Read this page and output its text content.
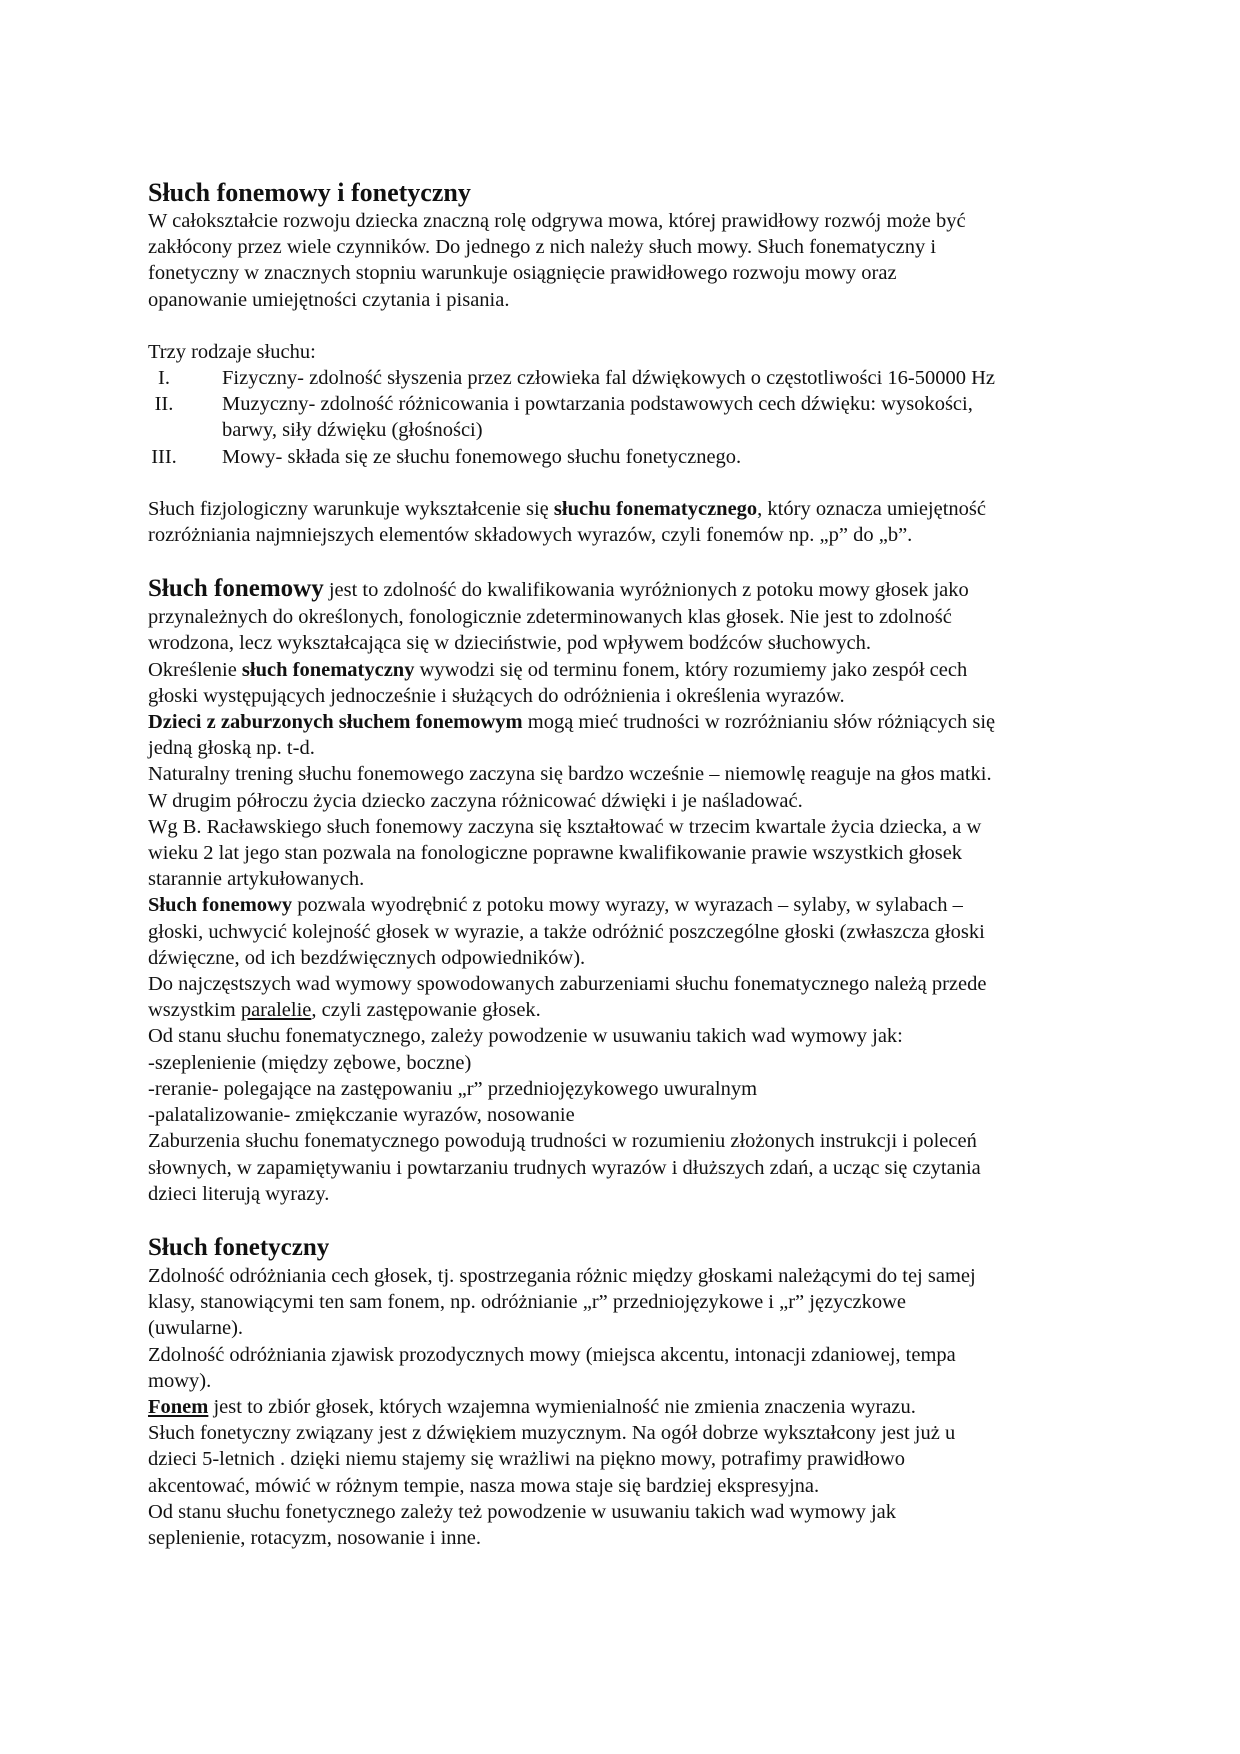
Słuch fonemowy i fonetyczny

W całokształcie rozwoju dziecka znaczną rolę odgrywa mowa, której prawidłowy rozwój może być

zakłócony przez wiele czynników. Do jednego z nich należy słuch mowy. Słuch fonematyczny i

fonetyczny w znacznych stopniu warunkuje osiągnięcie prawidłowego rozwoju mowy oraz

opanowanie umiejętności czytania i pisania.

Trzy rodzaje słuchu:

I.	Fizyczny- zdolność słyszenia przez człowieka fal dźwiękowych o częstotliwości 16-50000 Hz

II.	Muzyczny- zdolność różnicowania i powtarzania podstawowych cech dźwięku: wysokości,

barwy, siły dźwięku (głośności)

III.	Mowy- składa się ze słuchu fonemowego słuchu fonetycznego.

Słuch fizjologiczny warunkuje wykształcenie się słuchu fonematycznego, który oznacza umiejętność

rozróżniania najmniejszych elementów składowych wyrazów, czyli fonemów np. „p” do „b”.

Słuch fonemowy jest to zdolność do kwalifikowania wyróżnionych z potoku mowy głosek jako

przynależnych do określonych, fonologicznie zdeterminowanych klas głosek. Nie jest to zdolność

wrodzona, lecz wykształcająca się w dzieciństwie, pod wpływem bodźców słuchowych.

Określenie słuch fonematyczny wywodzi się od terminu fonem, który rozumiemy jako zespół cech

głoski występujących jednocześnie i służących do odróżnienia i określenia wyrazów.

Dzieci z zaburzonych słuchem fonemowym mogą mieć trudności w rozróżnianiu słów różniących się

jedną głoską np. t-d.

Naturalny trening słuchu fonemowego zaczyna się bardzo wcześnie – niemowlę reaguje na głos matki.

W drugim półroczu życia dziecko zaczyna różnicować dźwięki i je naśladować.

Wg B. Racławskiego słuch fonemowy zaczyna się kształtować w trzecim kwartale życia dziecka, a w

wieku 2 lat jego stan pozwala na fonologiczne poprawne kwalifikowanie prawie wszystkich głosek

starannie artykułowanych.

Słuch fonemowy pozwala wyodrębnić z potoku mowy wyrazy, w wyrazach – sylaby, w sylabach –

głoski, uchwycić kolejność głosek w wyrazie, a także odróżnić poszczególne głoski (zwłaszcza głoski

dźwięczne, od ich bezdźwięcznych odpowiedników).

Do najczęstszych wad wymowy spowodowanych zaburzeniami słuchu fonematycznego należą przede

wszystkim paralelie, czyli zastępowanie głosek.

Od stanu słuchu fonematycznego, zależy powodzenie w usuwaniu takich wad wymowy jak:

-szeplenienie (między zębowe, boczne)

-reranie- polegające na zastępowaniu „r” przedniojęzykowego uwuralnym

-palatalizowanie- zmiękczanie wyrazów, nosowanie

Zaburzenia słuchu fonematycznego powodują trudności w rozumieniu złożonych instrukcji i poleceń

słownych, w zapamiętywaniu i powtarzaniu trudnych wyrazów i dłuższych zdań, a ucząc się czytania

dzieci literują wyrazy.

Słuch fonetyczny

Zdolność odróżniania cech głosek, tj. spostrzegania różnic między głoskami należącymi do tej samej

klasy, stanowiącymi ten sam fonem, np. odróżnianie „r” przedniojęzykowe i „r” języczkowe

(uwularne).

Zdolność odróżniania zjawisk prozodycznych mowy (miejsca akcentu, intonacji zdaniowej, tempa

mowy).

Fonem jest to zbiór głosek, których wzajemna wymienialność nie zmienia znaczenia wyrazu.

Słuch fonetyczny związany jest z dźwiękiem muzycznym. Na ogół dobrze wykształcony jest już u

dzieci 5-letnich . dzięki niemu stajemy się wrażliwi na piękno mowy, potrafimy prawidłowo

akcentować, mówić w różnym tempie, nasza mowa staje się bardziej ekspresyjna.

Od stanu słuchu fonetycznego zależy też powodzenie w usuwaniu takich wad wymowy jak

seplenienie, rotacyzm, nosowanie i inne.
